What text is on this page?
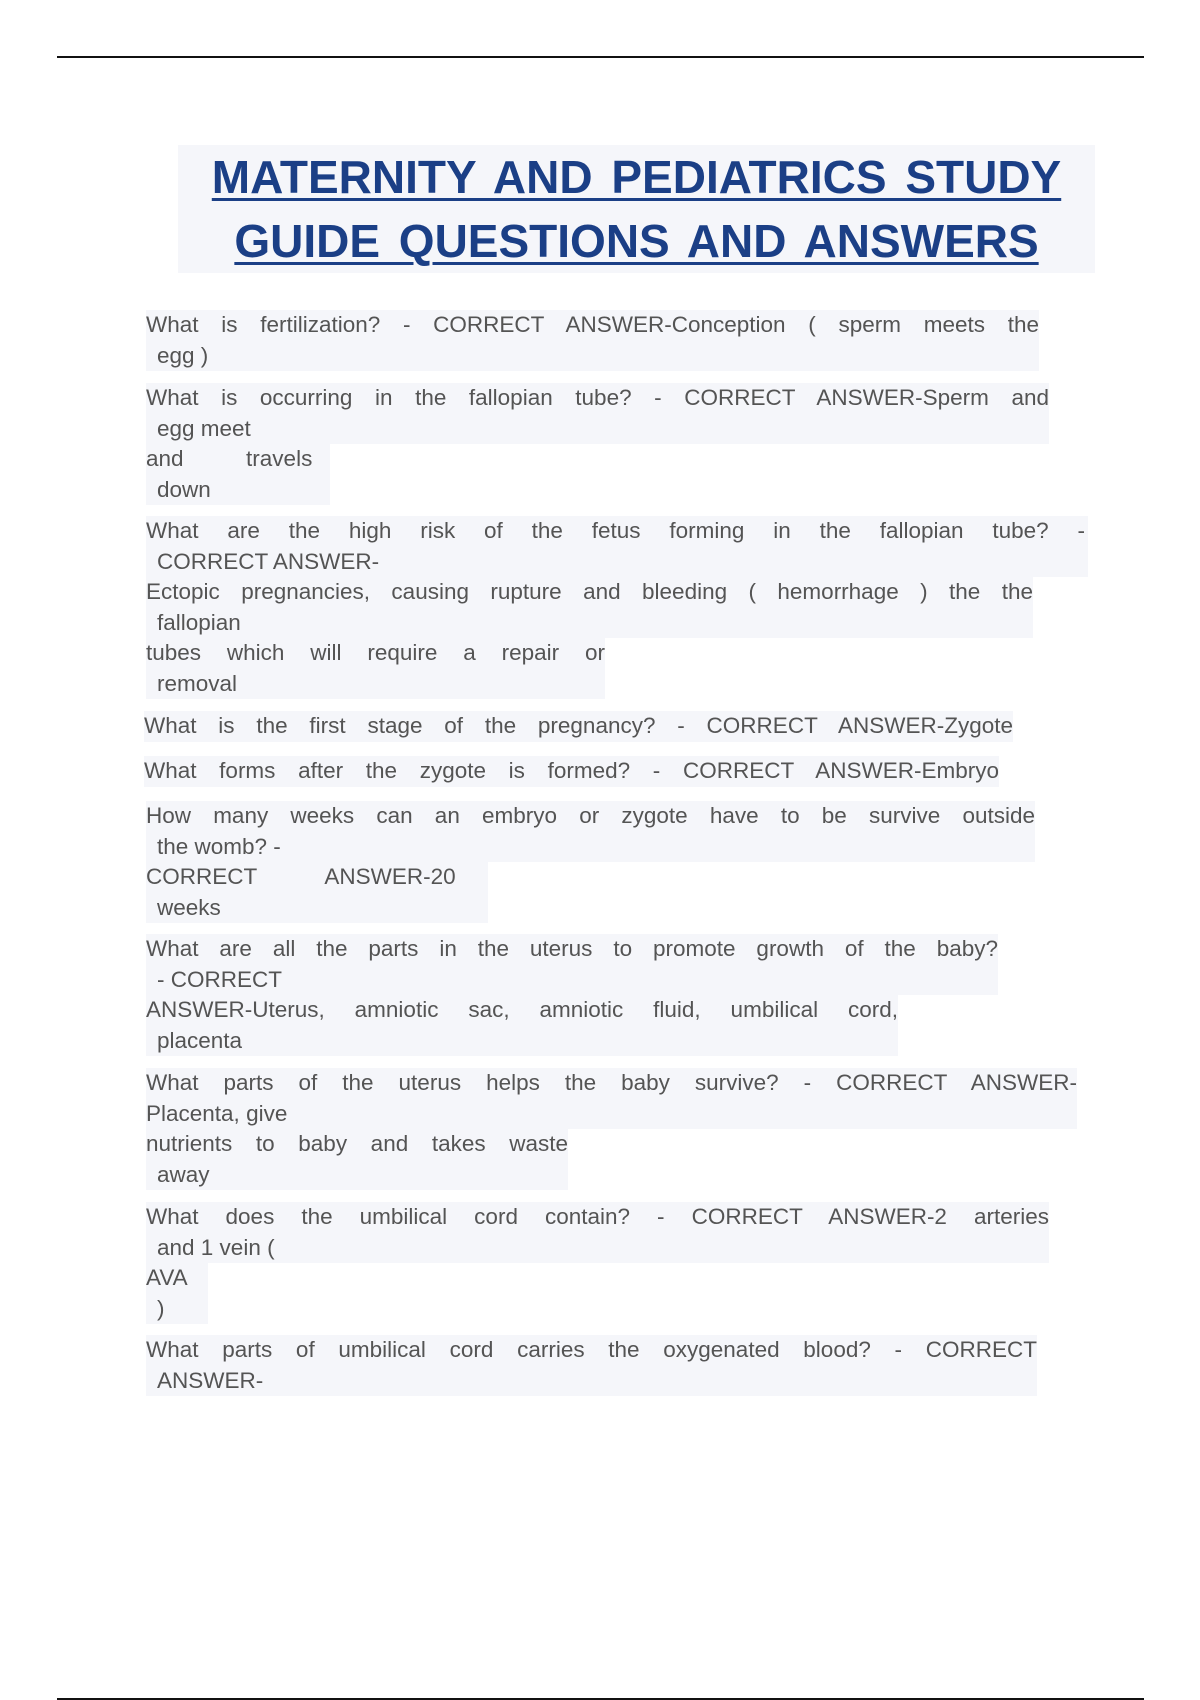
MATERNITY AND PEDIATRICS STUDY
GUIDE QUESTIONS AND ANSWERS
What is fertilization? - CORRECT ANSWER-Conception ( sperm meets the
egg )
What is occurring in the fallopian tube? - CORRECT ANSWER-Sperm and
egg meet
and          travels
down
What are the high risk of the fetus forming in the fallopian tube? -
CORRECT ANSWER-
Ectopic pregnancies, causing rupture and bleeding ( hemorrhage ) the the
fallopian
tubes which will require a repair or
removal
What is the first stage of the pregnancy? - CORRECT ANSWER-Zygote
What forms after the zygote is formed? - CORRECT ANSWER-Embryo
How many weeks can an embryo or zygote have to be survive outside
the womb? -
CORRECT           ANSWER-20
weeks
What are all the parts in the uterus to promote growth of the baby?
- CORRECT
ANSWER-Uterus, amniotic sac, amniotic fluid, umbilical cord,
placenta
What parts of the uterus helps the baby survive? - CORRECT ANSWER-
Placenta, give
nutrients to baby and takes waste
away
What does the umbilical cord contain? - CORRECT ANSWER-2 arteries
and 1 vein (
AVA
)
What parts of umbilical cord carries the oxygenated blood? - CORRECT
ANSWER-
